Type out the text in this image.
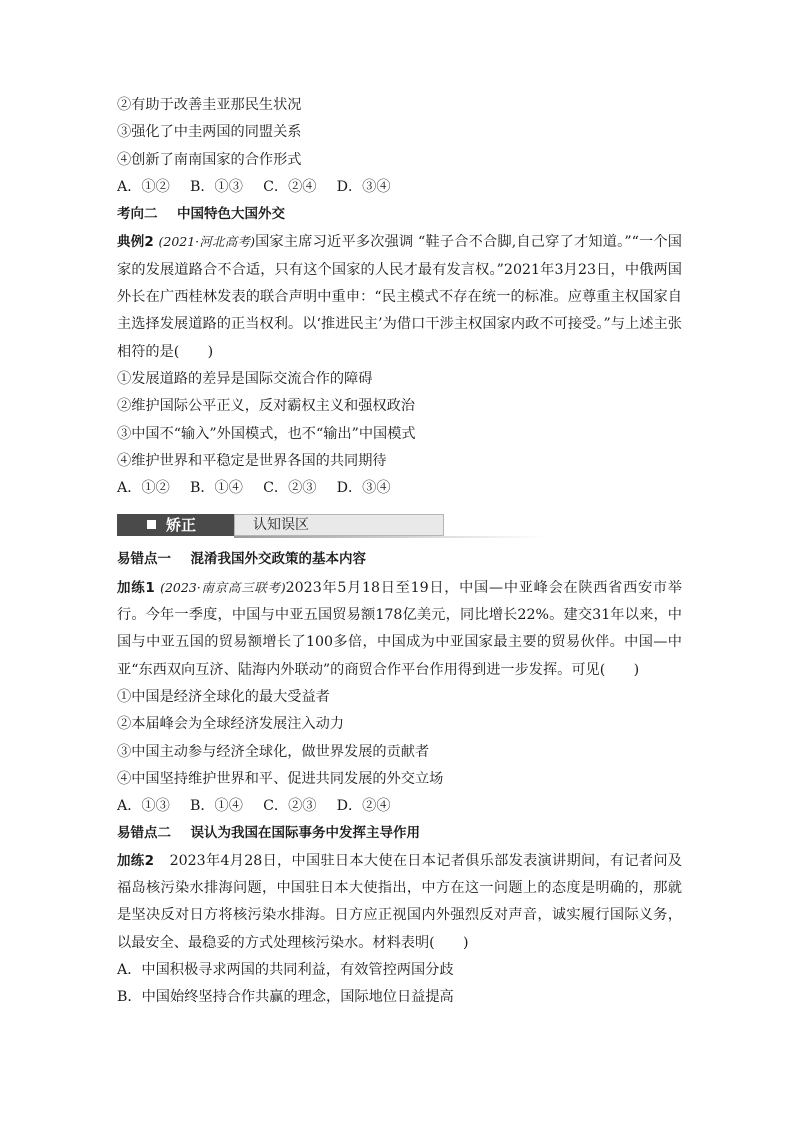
②有助于改善圭亚那民生状况
③强化了中圭两国的同盟关系
④创新了南南国家的合作形式
A．①② B．①③ C．②④ D．③④
考向二 中国特色大国外交
典例2 (2021·河北高考)国家主席习近平多次强调 “鞋子合不合脚,自己穿了才知道。”“一个国家的发展道路合不合适，只有这个国家的人民才最有发言权。”2021年3月23日，中俄两国外长在广西桂林发表的联合声明中重申：“民主模式不存在统一的标准。应尊重主权国家自主选择发展道路的正当权利。以‘推进民主’为借口干涉主权国家内政不可接受。”与上述主张相符的是(　　)
①发展道路的差异是国际交流合作的障碍
②维护国际公平正义，反对霸权主义和强权政治
③中国不“输入”外国模式，也不“输出”中国模式
④维护世界和平稳定是世界各国的共同期待
A．①② B．①④ C．②③ D．③④
矫正	认知误区
易错点一 混淆我国外交政策的基本内容
加练1 (2023·南京高三联考)2023年5月18日至19日，中国—中亚峰会在陕西省西安市举行。今年一季度，中国与中亚五国贸易额178亿美元，同比增长22%。建交31年以来，中国与中亚五国的贸易额增长了100多倍，中国成为中亚国家最主要的贸易伙伴。中国—中亚“东西双向互济、陆海内外联动”的商贸合作平台作用得到进一步发挥。可见(　　)
①中国是经济全球化的最大受益者
②本届峰会为全球经济发展注入动力
③中国主动参与经济全球化，做世界发展的贡献者
④中国坚持维护世界和平、促进共同发展的外交立场
A．①③ B．①④ C．②③ D．②④
易错点二 误认为我国在国际事务中发挥主导作用
加练2 2023年4月28日，中国驻日本大使在日本记者俱乐部发表演讲期间，有记者问及福岛核污染水排海问题，中国驻日本大使指出，中方在这一问题上的态度是明确的，那就是坚决反对日方将核污染水排海。日方应正视国内外强烈反对声音，诚实履行国际义务，以最安全、最稳妥的方式处理核污染水。材料表明(　　)
A．中国积极寻求两国的共同利益，有效管控两国分歧
B．中国始终坚持合作共赢的理念，国际地位日益提高
